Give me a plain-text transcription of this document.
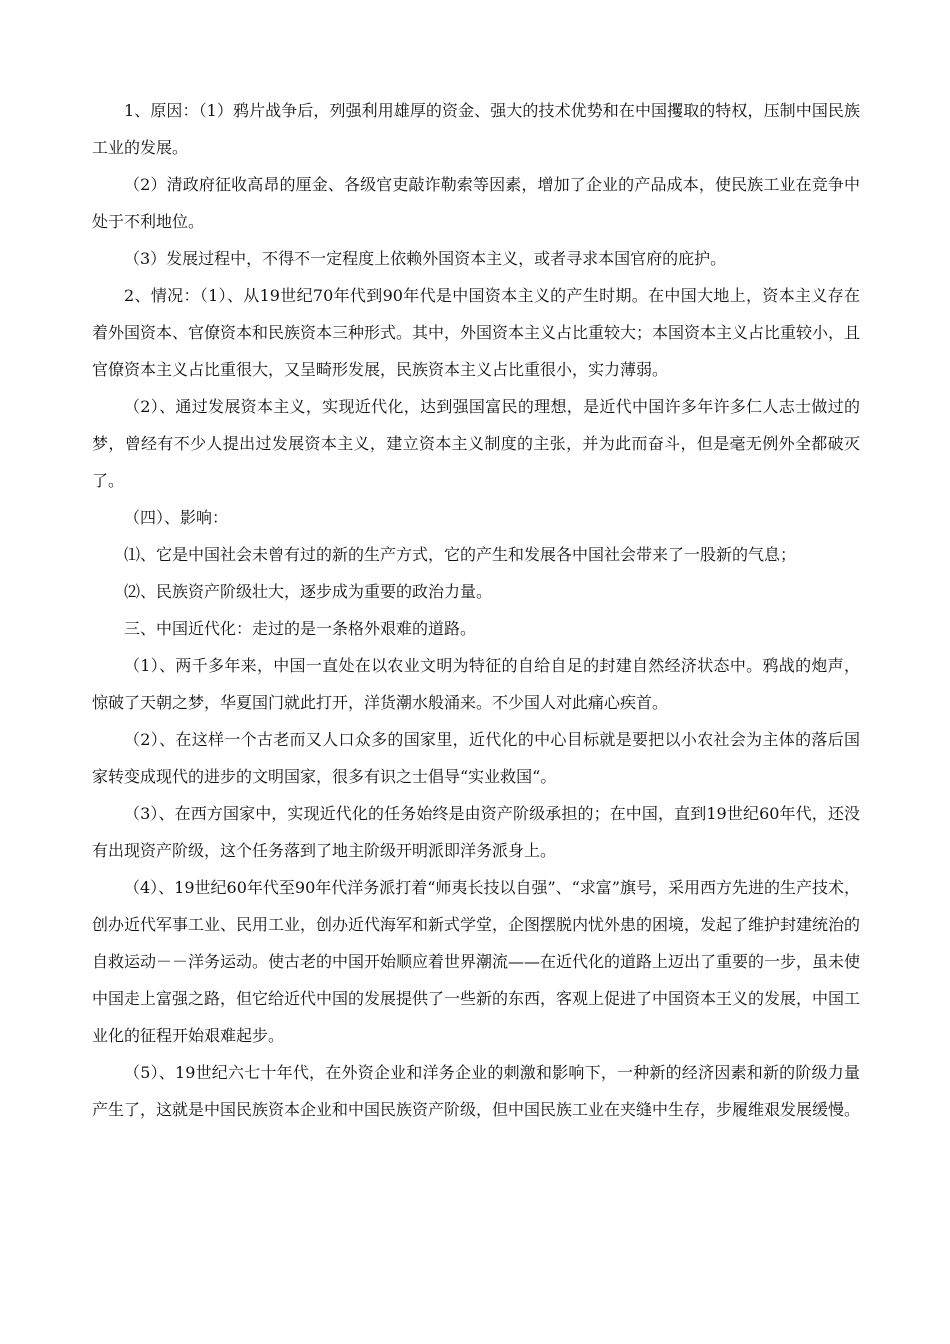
1、原因：（1）鸦片战争后，列强利用雄厚的资金、强大的技术优势和在中国攫取的特权，压制中国民族工业的发展。

（2）清政府征收高昂的厘金、各级官吏敲诈勒索等因素，增加了企业的产品成本，使民族工业在竞争中处于不利地位。

（3）发展过程中，不得不一定程度上依赖外国资本主义，或者寻求本国官府的庇护。

2、情况：（1）、从19世纪70年代到90年代是中国资本主义的产生时期。在中国大地上，资本主义存在着外国资本、官僚资本和民族资本三种形式。其中，外国资本主义占比重较大；本国资本主义占比重较小，且官僚资本主义占比重很大，又呈畸形发展，民族资本主义占比重很小，实力薄弱。

（2）、通过发展资本主义，实现近代化，达到强国富民的理想，是近代中国许多年许多仁人志士做过的梦，曾经有不少人提出过发展资本主义，建立资本主义制度的主张，并为此而奋斗，但是毫无例外全都破灭了。

（四）、影响：

⑴、它是中国社会未曾有过的新的生产方式，它的产生和发展各中国社会带来了一股新的气息；

⑵、民族资产阶级壮大，逐步成为重要的政治力量。

三、中国近代化：走过的是一条格外艰难的道路。

（1）、两千多年来，中国一直处在以农业文明为特征的自给自足的封建自然经济状态中。鸦战的炮声，惊破了天朝之梦，华夏国门就此打开，洋货潮水般涌来。不少国人对此痛心疾首。

（2）、在这样一个古老而又人口众多的国家里，近代化的中心目标就是要把以小农社会为主体的落后国家转变成现代的进步的文明国家，很多有识之士倡导“实业救国“。

（3）、在西方国家中，实现近代化的任务始终是由资产阶级承担的；在中国，直到19世纪60年代，还没有出现资产阶级，这个任务落到了地主阶级开明派即洋务派身上。

（4）、19世纪60年代至90年代洋务派打着“师夷长技以自强”、“求富”旗号，采用西方先进的生产技术，创办近代军事工业、民用工业，创办近代海军和新式学堂，企图摆脱内忧外患的困境，发起了维护封建统治的自救运动－－洋务运动。使古老的中国开始顺应着世界潮流——在近代化的道路上迈出了重要的一步，虽未使中国走上富强之路，但它给近代中国的发展提供了一些新的东西，客观上促进了中国资本王义的发展，中国工业化的征程开始艰难起步。

（5）、19世纪六七十年代，在外资企业和洋务企业的刺激和影响下，一种新的经济因素和新的阶级力量产生了，这就是中国民族资本企业和中国民族资产阶级，但中国民族工业在夹缝中生存，步履维艰发展缓慢。
